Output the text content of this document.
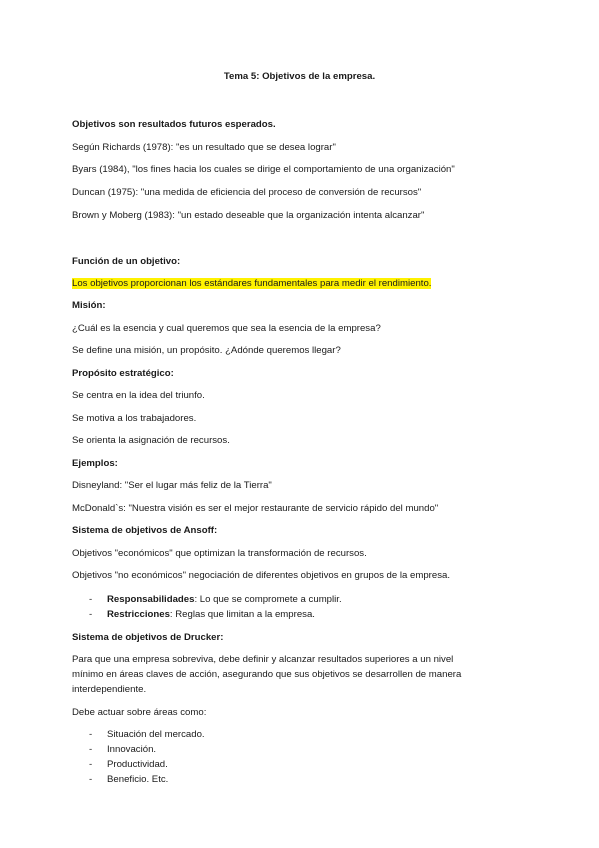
Tema 5: Objetivos de la empresa.
Objetivos son resultados futuros esperados.
Según Richards (1978): "es un resultado que se desea lograr"
Byars (1984), "los fines hacia los cuales se dirige el comportamiento de una organización"
Duncan (1975): "una medida de eficiencia del proceso de conversión de recursos"
Brown y Moberg (1983): "un estado deseable que la organización intenta alcanzar"
Función de un objetivo:
Los objetivos proporcionan los estándares fundamentales para medir el rendimiento.
Misión:
¿Cuál es la esencia y cual queremos que sea la esencia de la empresa?
Se define una misión, un propósito. ¿Adónde queremos llegar?
Propósito estratégico:
Se centra en la idea del triunfo.
Se motiva a los trabajadores.
Se orienta la asignación de recursos.
Ejemplos:
Disneyland: "Ser el lugar más feliz de la Tierra"
McDonald`s: "Nuestra visión es ser el mejor restaurante de servicio rápido del mundo"
Sistema de objetivos de Ansoff:
Objetivos "económicos" que optimizan la transformación de recursos.
Objetivos "no económicos" negociación de diferentes objetivos en grupos de la empresa.
- Responsabilidades: Lo que se compromete a cumplir.
- Restricciones: Reglas que limitan a la empresa.
Sistema de objetivos de Drucker:
Para que una empresa sobreviva, debe definir y alcanzar resultados superiores a un nivel
mínimo en áreas claves de acción, asegurando que sus objetivos se desarrollen de manera
interdependiente.
Debe actuar sobre áreas como:
- Situación del mercado.
- Innovación.
- Productividad.
- Beneficio. Etc.
